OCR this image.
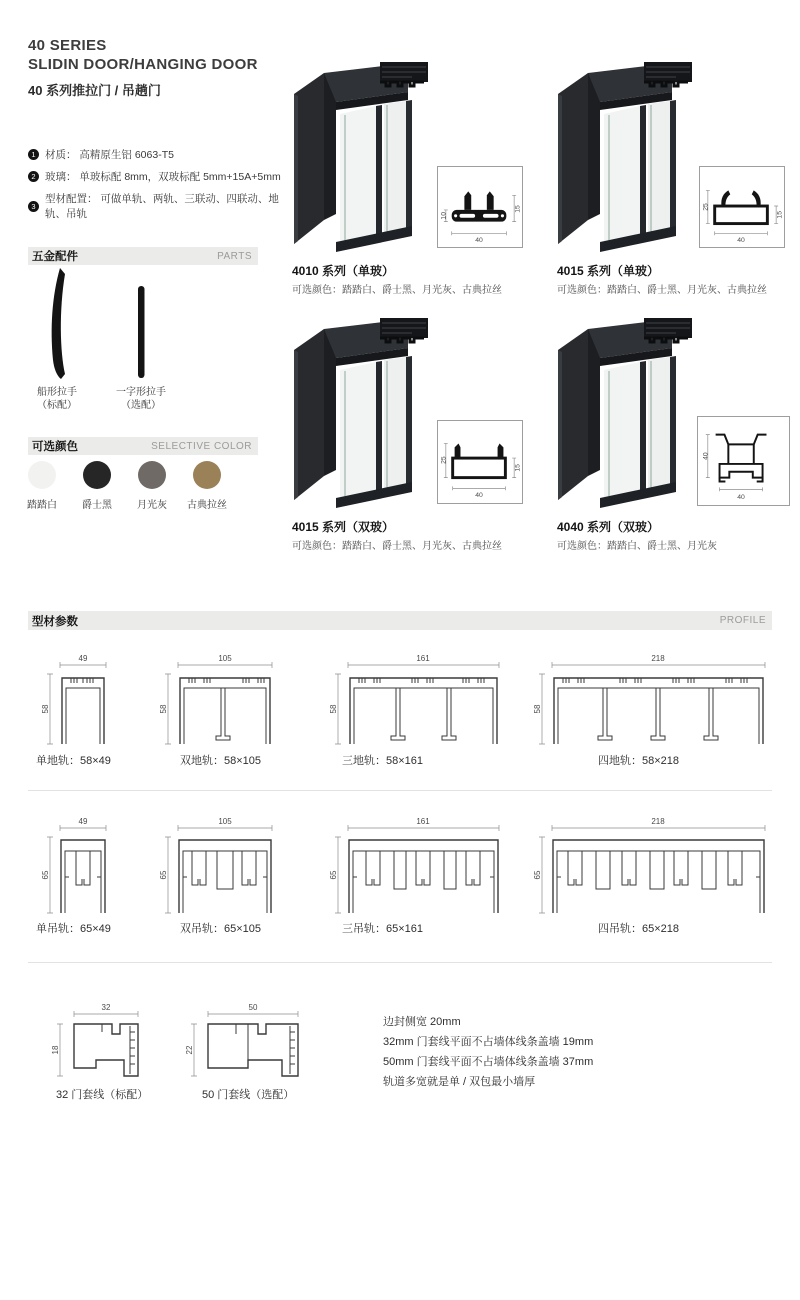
40 SERIES
SLIDIN DOOR/HANGING DOOR
40 系列推拉门 / 吊趟门
1 材质： 高精原生铝 6063-T5
2 玻璃： 单玻标配 8mm，双玻标配 5mm+15A+5mm
3
型材配置： 可做单轨、两轨、三联动、四联动、地轨、吊轨
五金配件	PARTS
船形拉手
（标配）
一字形拉手
（选配）
可选颜色	SELECTIVE COLOR
踏踏白	爵士黑	月光灰 古典拉丝
10
15
40
4010 系列（单玻）
可选颜色：踏踏白、爵士黑、月光灰、古典拉丝
25
15
40
4015 系列（单玻）
可选颜色：踏踏白、爵士黑、月光灰、古典拉丝
25
15
40
4015 系列（双玻）
可选颜色：踏踏白、爵士黑、月光灰、古典拉丝
40
40
4040 系列（双玻）
可选颜色：踏踏白、爵士黑、月光灰
型材参数	PROFILE
49
58
单地轨：58×49
105
58
双地轨：58×105
161
58
三地轨：58×161
218
58
四地轨：58×218
49
65
单吊轨：65×49
105
65
双吊轨：65×105
161
65
三吊轨：65×161
218
65
四吊轨：65×218
32
18
32 门套线（标配）
50
22
50 门套线（选配）
边封侧宽 20mm
32mm 门套线平面不占墙体线条盖墙 19mm
50mm 门套线平面不占墙体线条盖墙 37mm
轨道多宽就是单 / 双包最小墙厚
